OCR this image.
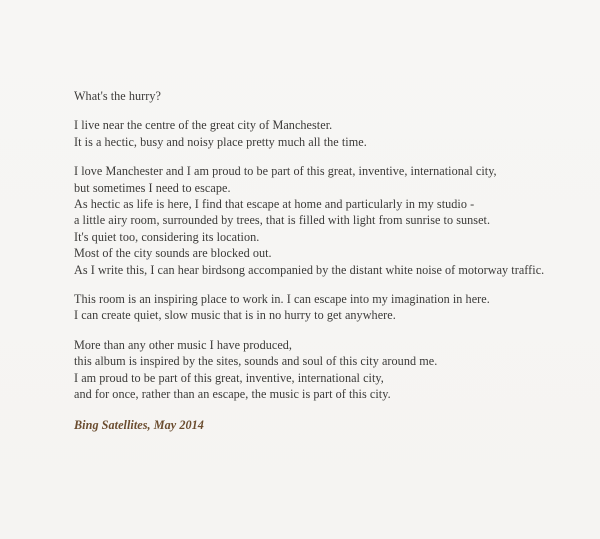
What's the hurry?
I live near the centre of the great city of Manchester.
It is a hectic, busy and noisy place pretty much all the time.
I love Manchester and I am proud to be part of this great, inventive, international city,
but sometimes I need to escape.
As hectic as life is here, I find that escape at home and particularly in my studio -
a little airy room, surrounded by trees, that is filled with light from sunrise to sunset.
It's quiet too, considering its location.
Most of the city sounds are blocked out.
As I write this, I can hear birdsong accompanied by the distant white noise of motorway traffic.
This room is an inspiring place to work in. I can escape into my imagination in here.
I can create quiet, slow music that is in no hurry to get anywhere.
More than any other music I have produced,
this album is inspired by the sites, sounds and soul of this city around me.
I am proud to be part of this great, inventive, international city,
and for once, rather than an escape, the music is part of this city.
Bing Satellites, May 2014
